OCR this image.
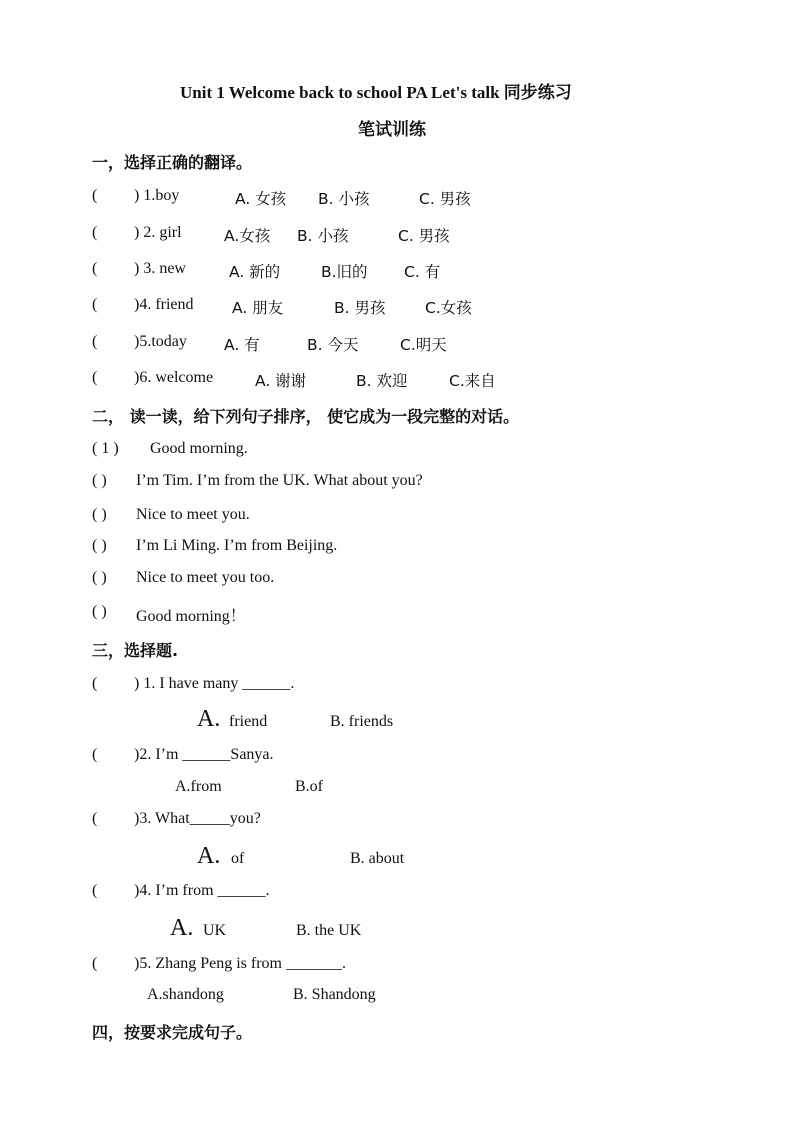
Unit 1 Welcome back to school PA Let's talk 同步练习
笔试训练
一，选择正确的翻译。
( ) 1.boy	A. 女孩 B. 小孩	C. 男孩
( ) 2. girl	A.女孩 B. 小孩	C. 男孩
( ) 3. new	A. 新的	B.旧的 C. 有
( )4. friend A. 朋友	B. 男孩	C.女孩
( )5.today A. 有	B. 今天	C.明天
( )6. welcome	A. 谢谢	B. 欢迎	C.来自
二， 读一读，给下列句子排序， 使它成为一段完整的对话。
( 1 ) Good morning.
( ) I’m Tim. I’m from the UK. What about you?
( ) Nice to meet you.
( ) I’m Li Ming. I’m from Beijing.
( ) Nice to meet you too.
( ) Good morning！
三，选择题.
( ) 1. I have many ______.
A. friend	B. friends
( )2. I’m ______Sanya.
A.from	B.of
( )3. What_____you?
A. of	B. about
( )4. I’m from ______.
A. UK	B. the UK
( )5. Zhang Peng is from _______.
A.shandong	B. Shandong
四，按要求完成句子。
